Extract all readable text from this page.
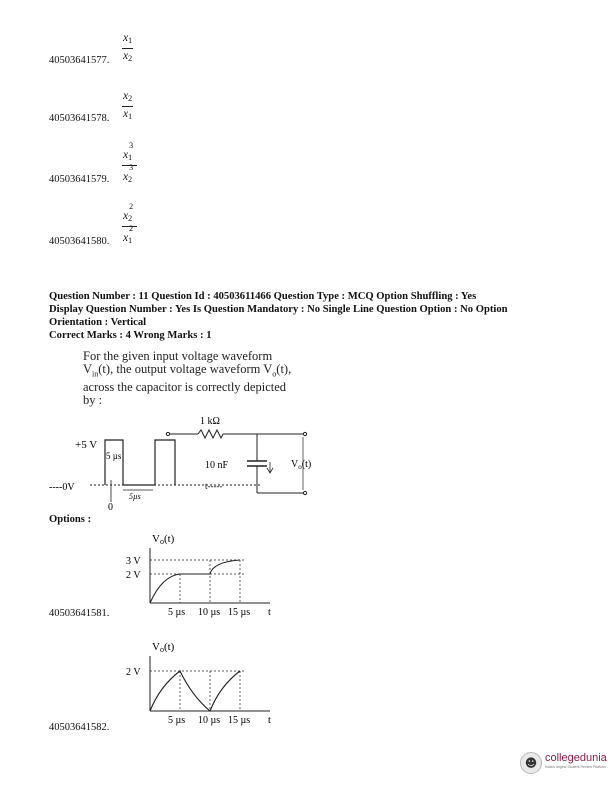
$\frac{x_1}{x_2}$
40503641577.
$\frac{x_2}{x_1}$
40503641578.
$\frac{x_1^3}{x_2^3}$
40503641579.
$\frac{x_2^2}{x_1^2}$
40503641580.
Question Number : 11 Question Id : 40503611466 Question Type : MCQ Option Shuffling : Yes
Display Question Number : Yes Is Question Mandatory : No Single Line Question Option : No Option
Orientation : Vertical
Correct Marks : 4 Wrong Marks : 1
For the given input voltage waveform
$V_{in}(t)$, the output voltage waveform $V_o(t)$,
across the capacitor is correctly depicted
by :
+5 V
5 µs
----0V
0
5µs
t-----
1 kΩ
10 nF	$V_o(t)$
Options :
Vo(t)
3 V
2 V
5 µs 10 µs 15 µs t
40503641581.
Vo(t)
2 V
5 µs 10 µs 15 µs t
40503641582.
☻ collegedunia
India's largest Student Review Platform
